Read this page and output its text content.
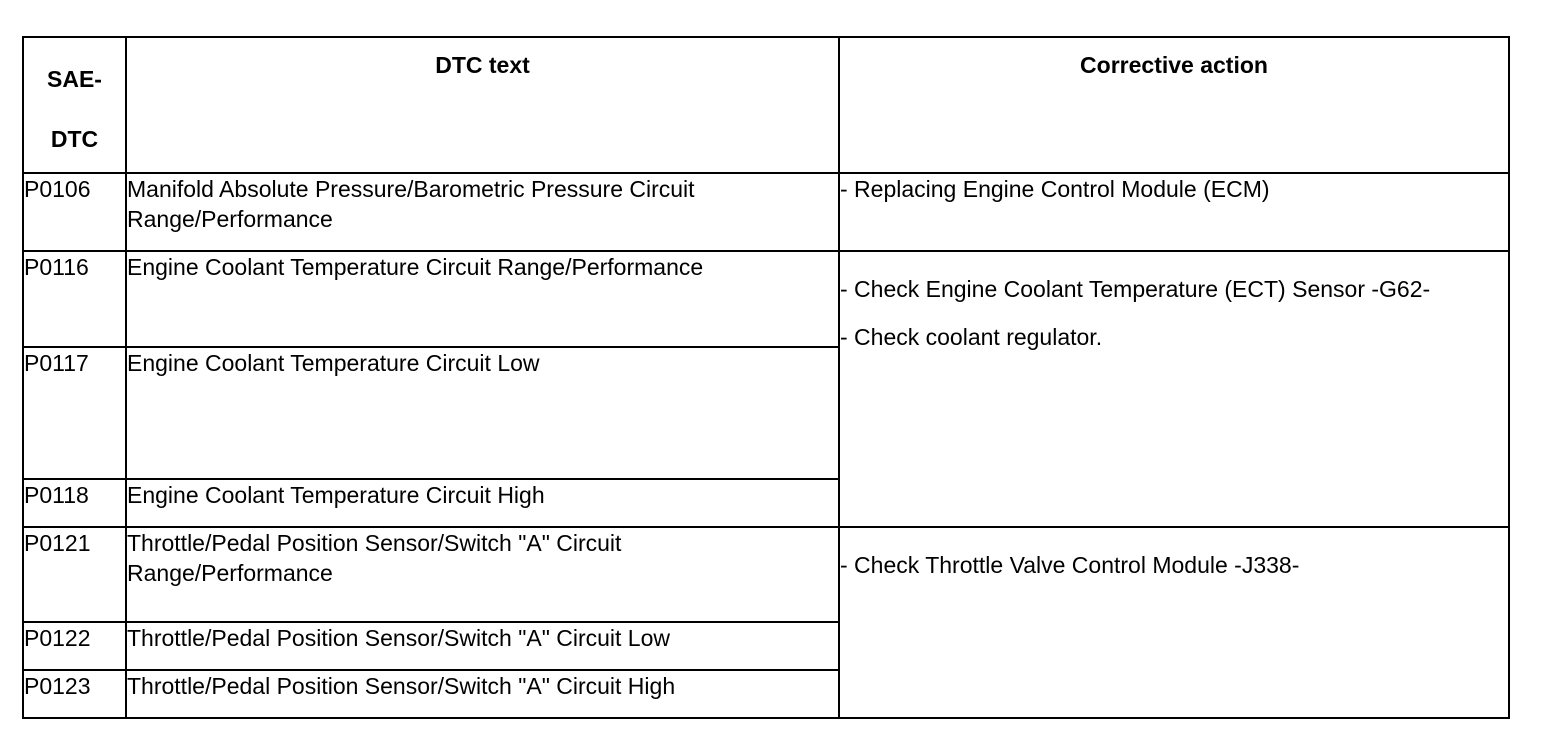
SAE-
DTC	DTC text	Corrective action

P0106	Manifold Absolute Pressure/Barometric Pressure Circuit Range/Performance	- Replacing Engine Control Module (ECM)

P0116	Engine Coolant Temperature Circuit Range/Performance	- Check Engine Coolant Temperature (ECT) Sensor -G62-
- Check coolant regulator.

P0117	Engine Coolant Temperature Circuit Low	
P0118	Engine Coolant Temperature Circuit High	
P0121	Throttle/Pedal Position Sensor/Switch "A" Circuit Range/Performance	- Check Throttle Valve Control Module -J338-

P0122	Throttle/Pedal Position Sensor/Switch "A" Circuit Low	
P0123	Throttle/Pedal Position Sensor/Switch "A" Circuit High	
